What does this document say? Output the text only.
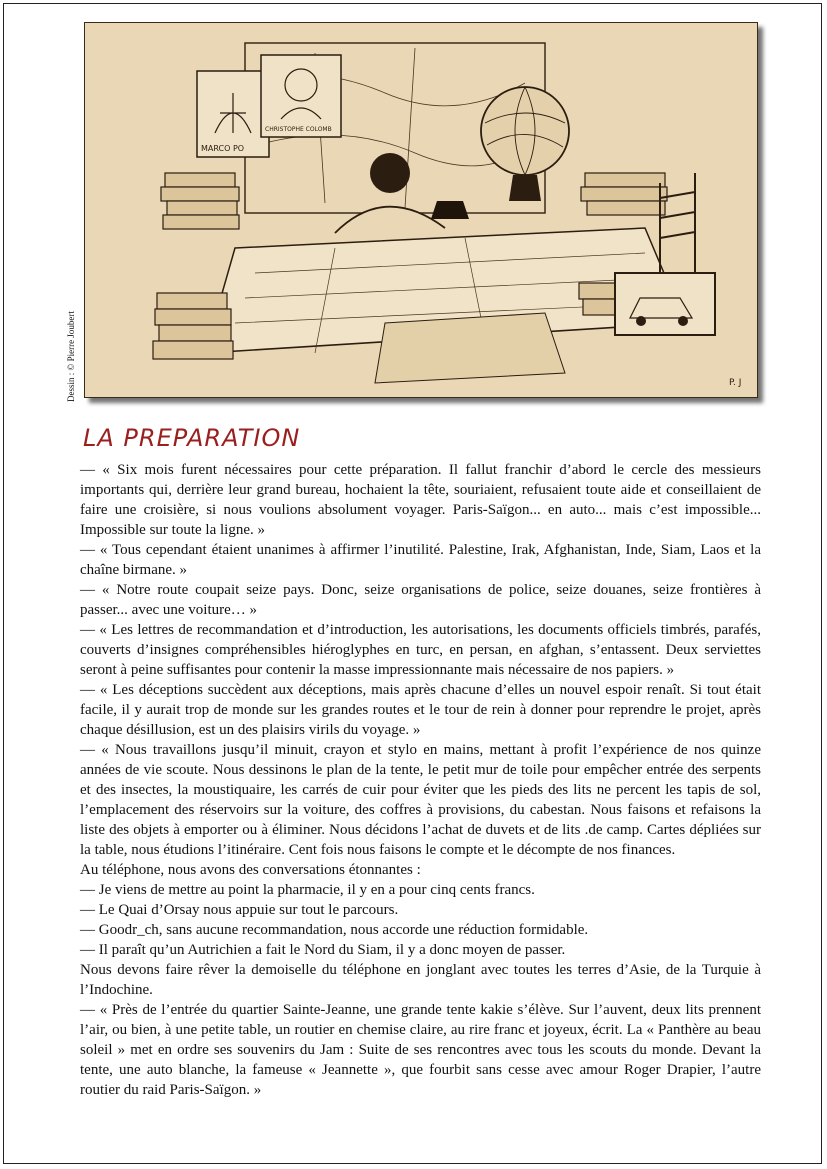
Dessin : © Pierre Joubert
MARCO PO
CHRISTOPHE COLOMB
P. J
LA PREPARATION

— « Six mois furent nécessaires pour cette préparation. Il fallut franchir d’abord le cercle des messieurs importants qui, derrière leur grand bureau, hochaient la tête, souriaient, refusaient toute aide et conseillaient de faire une croisière, si nous voulions absolument voyager. Paris-Saïgon... en auto... mais c’est impossible... Impossible sur toute la ligne. »

— « Tous cependant étaient unanimes à affirmer l’inutilité. Palestine, Irak, Afghanistan, Inde, Siam, Laos et la chaîne birmane. »

— « Notre route coupait seize pays. Donc, seize organisations de police, seize douanes, seize frontières à passer... avec une voiture… »

— « Les lettres de recommandation et d’introduction, les autorisations, les documents officiels timbrés, parafés, couverts d’insignes compréhensibles hiéroglyphes en turc, en persan, en afghan, s’entassent. Deux serviettes seront à peine suffisantes pour contenir la masse impressionnante mais nécessaire de nos papiers. »

— « Les déceptions succèdent aux déceptions, mais après chacune d’elles un nouvel espoir renaît. Si tout était facile, il y aurait trop de monde sur les grandes routes et le tour de rein à donner pour reprendre le projet, après chaque désillusion, est un des plaisirs virils du voyage. »

— « Nous travaillons jusqu’il minuit, crayon et stylo en mains, mettant à profit l’expérience de nos quinze années de vie scoute. Nous dessinons le plan de la tente, le petit mur de toile pour empêcher entrée des serpents et des insectes, la moustiquaire, les carrés de cuir pour éviter que les pieds des lits ne percent les tapis de sol, l’emplacement des réservoirs sur la voiture, des coffres à provisions, du cabestan. Nous faisons et refaisons la liste des objets à emporter ou à éliminer. Nous décidons l’achat de duvets et de lits .de camp. Cartes dépliées sur la table, nous étudions l’itinéraire. Cent fois nous faisons le compte et le décompte de nos finances.

Au téléphone, nous avons des conversations étonnantes :

— Je viens de mettre au point la pharmacie, il y en a pour cinq cents francs.

— Le Quai d’Orsay nous appuie sur tout le parcours.

— Goodr_ch, sans aucune recommandation, nous accorde une réduction formidable.

— Il paraît qu’un Autrichien a fait le Nord du Siam, il y a donc moyen de passer.

Nous devons faire rêver la demoiselle du téléphone en jonglant avec toutes les terres d’Asie, de la Turquie à l’Indochine.

— « Près de l’entrée du quartier Sainte-Jeanne, une grande tente kakie s’élève. Sur l’auvent, deux lits prennent l’air, ou bien, à une petite table, un routier en chemise claire, au rire franc et joyeux, écrit. La « Panthère au beau soleil » met en ordre ses souvenirs du Jam : Suite de ses rencontres avec tous les scouts du monde. Devant la tente, une auto blanche, la fameuse « Jeannette », que fourbit sans cesse avec amour Roger Drapier, l’autre routier du raid Paris-Saïgon. »
